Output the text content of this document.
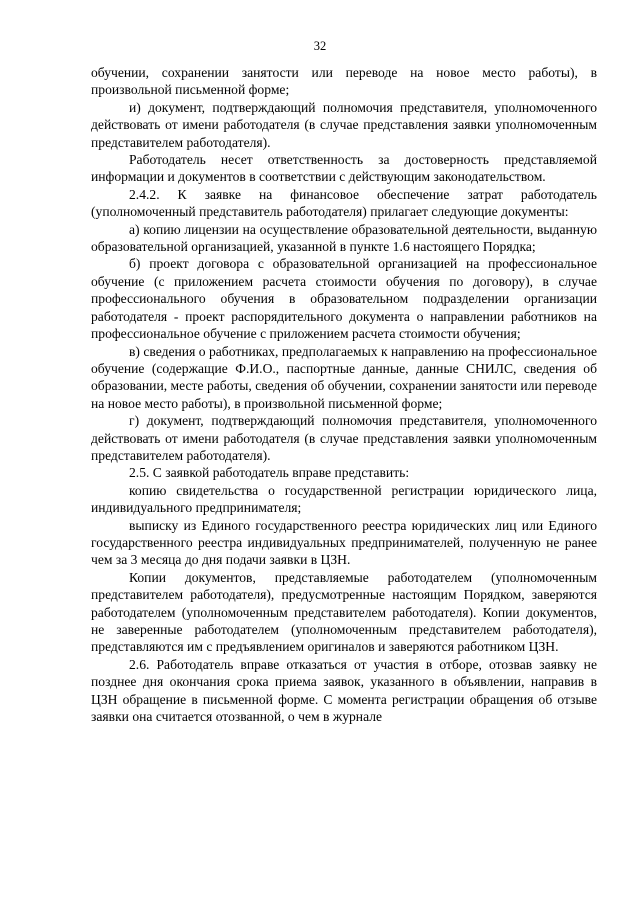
32

обучении, сохранении занятости или переводе на новое место работы), в произвольной письменной форме;

и) документ, подтверждающий полномочия представителя, уполномоченного действовать от имени работодателя (в случае представления заявки уполномоченным представителем работодателя).

Работодатель несет ответственность за достоверность представляемой информации и документов в соответствии с действующим законодательством.

2.4.2. К заявке на финансовое обеспечение затрат работодатель (уполномоченный представитель работодателя) прилагает следующие документы:

а) копию лицензии на осуществление образовательной деятельности, выданную образовательной организацией, указанной в пункте 1.6 настоящего Порядка;

б) проект договора с образовательной организацией на профессиональное обучение (с приложением расчета стоимости обучения по договору), в случае профессионального обучения в образовательном подразделении организации работодателя - проект распорядительного документа о направлении работников на профессиональное обучение с приложением расчета стоимости обучения;

в) сведения о работниках, предполагаемых к направлению на профессиональное обучение (содержащие Ф.И.О., паспортные данные, данные СНИЛС, сведения об образовании, месте работы, сведения об обучении, сохранении занятости или переводе на новое место работы), в произвольной письменной форме;

г) документ, подтверждающий полномочия представителя, уполномоченного действовать от имени работодателя (в случае представления заявки уполномоченным представителем работодателя).

2.5. С заявкой работодатель вправе представить:

копию свидетельства о государственной регистрации юридического лица, индивидуального предпринимателя;

выписку из Единого государственного реестра юридических лиц или Единого государственного реестра индивидуальных предпринимателей, полученную не ранее чем за 3 месяца до дня подачи заявки в ЦЗН.

Копии документов, представляемые работодателем (уполномоченным представителем работодателя), предусмотренные настоящим Порядком, заверяются работодателем (уполномоченным представителем работодателя). Копии документов, не заверенные работодателем (уполномоченным представителем работодателя), представляются им с предъявлением оригиналов и заверяются работником ЦЗН.

2.6. Работодатель вправе отказаться от участия в отборе, отозвав заявку не позднее дня окончания срока приема заявок, указанного в объявлении, направив в ЦЗН обращение в письменной форме. С момента регистрации обращения об отзыве заявки она считается отозванной, о чем в журнале
